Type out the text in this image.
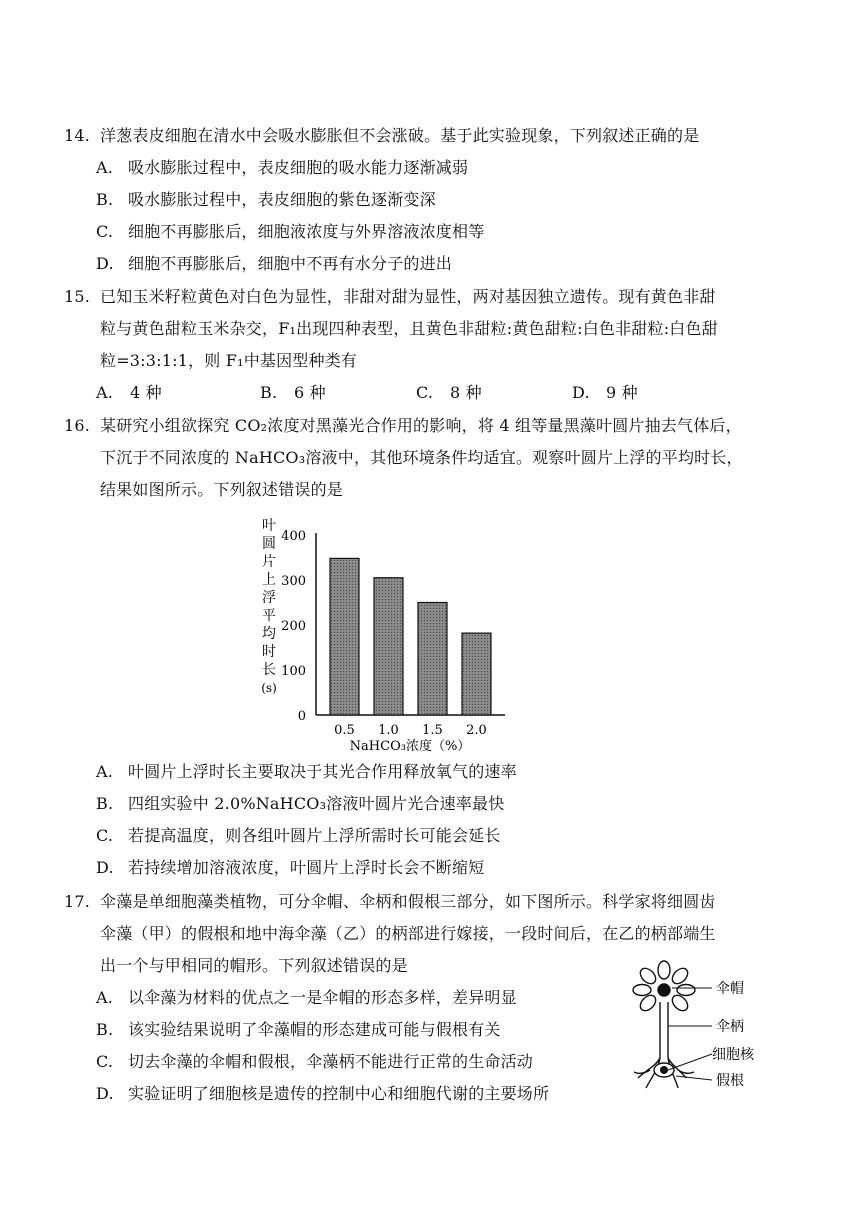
14. 洋葱表皮细胞在清水中会吸水膨胀但不会涨破。基于此实验现象，下列叙述正确的是
A. 吸水膨胀过程中，表皮细胞的吸水能力逐渐减弱
B. 吸水膨胀过程中，表皮细胞的紫色逐渐变深
C. 细胞不再膨胀后，细胞液浓度与外界溶液浓度相等
D. 细胞不再膨胀后，细胞中不再有水分子的进出
15. 已知玉米籽粒黄色对白色为显性，非甜对甜为显性，两对基因独立遗传。现有黄色非甜
粒与黄色甜粒玉米杂交，F₁出现四种表型，且黄色非甜粒:黄色甜粒:白色非甜粒:白色甜
粒=3:3:1:1，则 F₁中基因型种类有
A. 4 种	B. 6 种	C. 8 种	D. 9 种
16. 某研究小组欲探究 CO₂浓度对黑藻光合作用的影响，将 4 组等量黑藻叶圆片抽去气体后，
下沉于不同浓度的 NaHCO₃溶液中，其他环境条件均适宜。观察叶圆片上浮的平均时长，
结果如图所示。下列叙述错误的是
叶
圆
片
上
浮
平
均
时
长
(s)
0
100
200
300
400
0.5 1.0 1.5 2.0
NaHCO₃浓度（%）
A. 叶圆片上浮时长主要取决于其光合作用释放氧气的速率
B. 四组实验中 2.0%NaHCO₃溶液叶圆片光合速率最快
C. 若提高温度，则各组叶圆片上浮所需时长可能会延长
D. 若持续增加溶液浓度，叶圆片上浮时长会不断缩短
17. 伞藻是单细胞藻类植物，可分伞帽、伞柄和假根三部分，如下图所示。科学家将细圆齿
伞藻（甲）的假根和地中海伞藻（乙）的柄部进行嫁接，一段时间后，在乙的柄部端生
出一个与甲相同的帽形。下列叙述错误的是
A. 以伞藻为材料的优点之一是伞帽的形态多样，差异明显
B. 该实验结果说明了伞藻帽的形态建成可能与假根有关
C. 切去伞藻的伞帽和假根，伞藻柄不能进行正常的生命活动
D. 实验证明了细胞核是遗传的控制中心和细胞代谢的主要场所
伞帽
伞柄
细胞核
假根
